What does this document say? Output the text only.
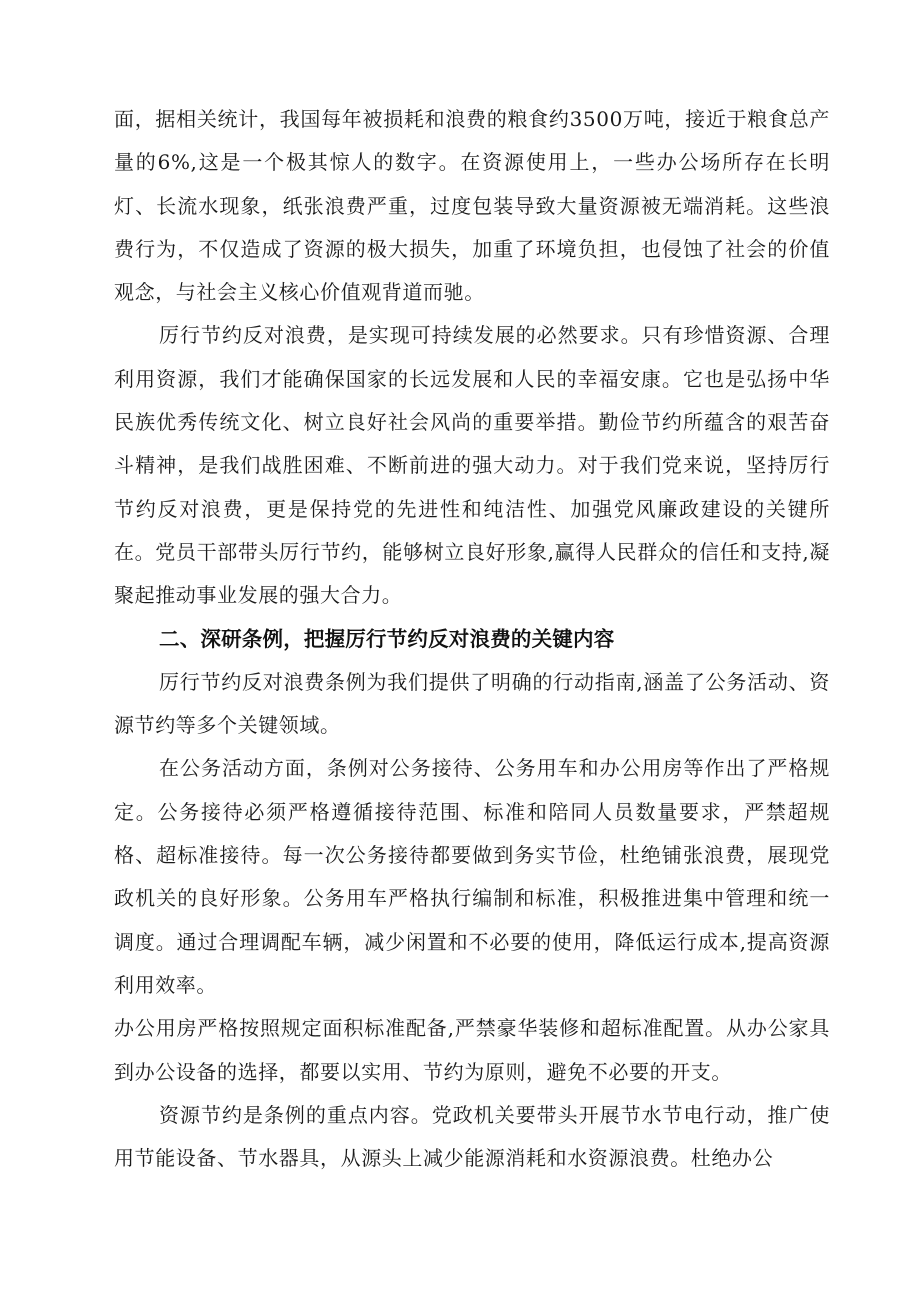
面，据相关统计，我国每年被损耗和浪费的粮食约3500万吨，接近于粮食总产量的6%,这是一个极其惊人的数字。在资源使用上，一些办公场所存在长明灯、长流水现象，纸张浪费严重，过度包装导致大量资源被无端消耗。这些浪费行为，不仅造成了资源的极大损失，加重了环境负担，也侵蚀了社会的价值观念，与社会主义核心价值观背道而驰。

厉行节约反对浪费，是实现可持续发展的必然要求。只有珍惜资源、合理利用资源，我们才能确保国家的长远发展和人民的幸福安康。它也是弘扬中华民族优秀传统文化、树立良好社会风尚的重要举措。勤俭节约所蕴含的艰苦奋斗精神，是我们战胜困难、不断前进的强大动力。对于我们党来说，坚持厉行节约反对浪费，更是保持党的先进性和纯洁性、加强党风廉政建设的关键所在。党员干部带头厉行节约，能够树立良好形象,赢得人民群众的信任和支持,凝聚起推动事业发展的强大合力。

二、深研条例，把握厉行节约反对浪费的关键内容

厉行节约反对浪费条例为我们提供了明确的行动指南,涵盖了公务活动、资源节约等多个关键领域。

在公务活动方面，条例对公务接待、公务用车和办公用房等作出了严格规定。公务接待必须严格遵循接待范围、标准和陪同人员数量要求，严禁超规格、超标准接待。每一次公务接待都要做到务实节俭，杜绝铺张浪费，展现党政机关的良好形象。公务用车严格执行编制和标准，积极推进集中管理和统一调度。通过合理调配车辆，减少闲置和不必要的使用，降低运行成本,提高资源利用效率。

办公用房严格按照规定面积标准配备,严禁豪华装修和超标准配置。从办公家具到办公设备的选择，都要以实用、节约为原则，避免不必要的开支。

资源节约是条例的重点内容。党政机关要带头开展节水节电行动，推广使用节能设备、节水器具，从源头上减少能源消耗和水资源浪费。杜绝办公
